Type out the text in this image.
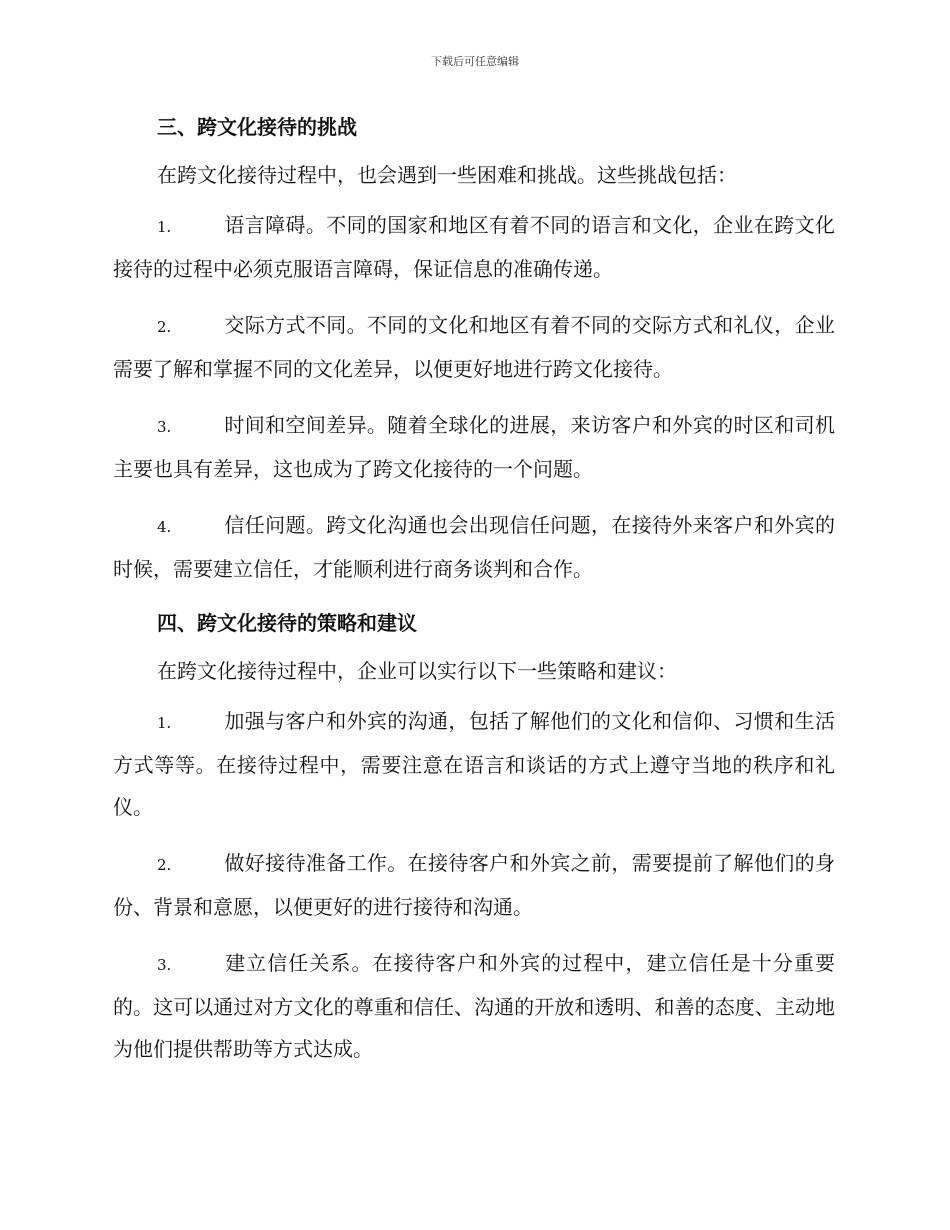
下载后可任意编辑
三、跨文化接待的挑战
在跨文化接待过程中，也会遇到一些困难和挑战。这些挑战包括：
1.	语言障碍。不同的国家和地区有着不同的语言和文化，企业在跨文化接待的过程中必须克服语言障碍，保证信息的准确传递。
2.	交际方式不同。不同的文化和地区有着不同的交际方式和礼仪，企业需要了解和掌握不同的文化差异，以便更好地进行跨文化接待。
3.	时间和空间差异。随着全球化的进展，来访客户和外宾的时区和司机主要也具有差异，这也成为了跨文化接待的一个问题。
4.	信任问题。跨文化沟通也会出现信任问题，在接待外来客户和外宾的时候，需要建立信任，才能顺利进行商务谈判和合作。
四、跨文化接待的策略和建议
在跨文化接待过程中，企业可以实行以下一些策略和建议：
1.	加强与客户和外宾的沟通，包括了解他们的文化和信仰、习惯和生活方式等等。在接待过程中，需要注意在语言和谈话的方式上遵守当地的秩序和礼仪。
2.	做好接待准备工作。在接待客户和外宾之前，需要提前了解他们的身份、背景和意愿，以便更好的进行接待和沟通。
3.	建立信任关系。在接待客户和外宾的过程中，建立信任是十分重要的。这可以通过对方文化的尊重和信任、沟通的开放和透明、和善的态度、主动地为他们提供帮助等方式达成。
